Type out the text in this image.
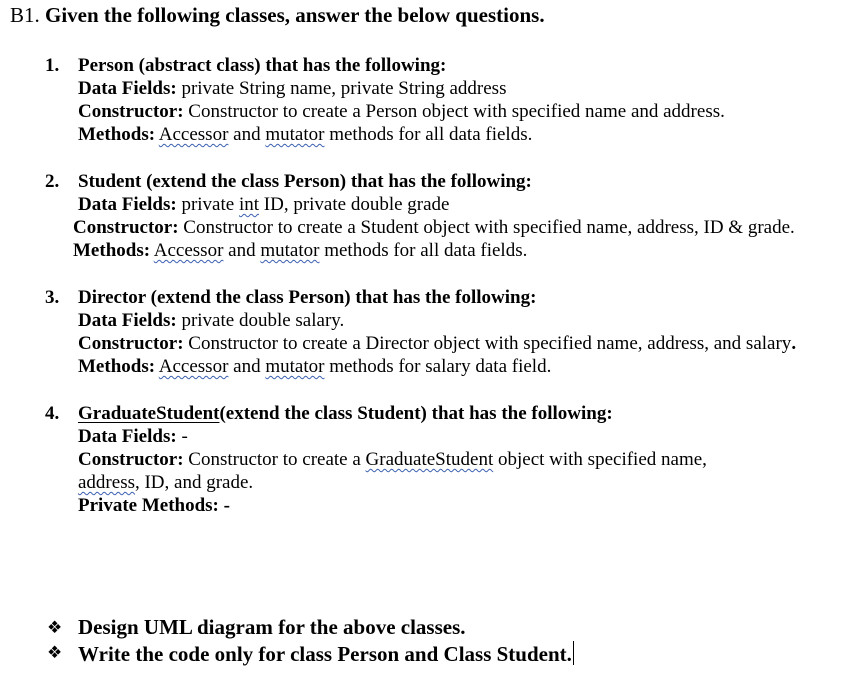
B1. Given the following classes, answer the below questions.
1. Person (abstract class) that has the following:
Data Fields: private String name, private String address
Constructor: Constructor to create a Person object with specified name and address.
Methods: Accessor and mutator methods for all data fields.
2. Student (extend the class Person) that has the following:
Data Fields: private int ID, private double grade
Constructor: Constructor to create a Student object with specified name, address, ID & grade.
Methods: Accessor and mutator methods for all data fields.
3. Director (extend the class Person) that has the following:
Data Fields: private double salary.
Constructor: Constructor to create a Director object with specified name, address, and salary.
Methods: Accessor and mutator methods for salary data field.
4. GraduateStudent(extend the class Student) that has the following:
Data Fields: -
Constructor: Constructor to create a GraduateStudent object with specified name,
address, ID, and grade.
Private Methods: -
❖ Design UML diagram for the above classes.
❖ Write the code only for class Person and Class Student.
